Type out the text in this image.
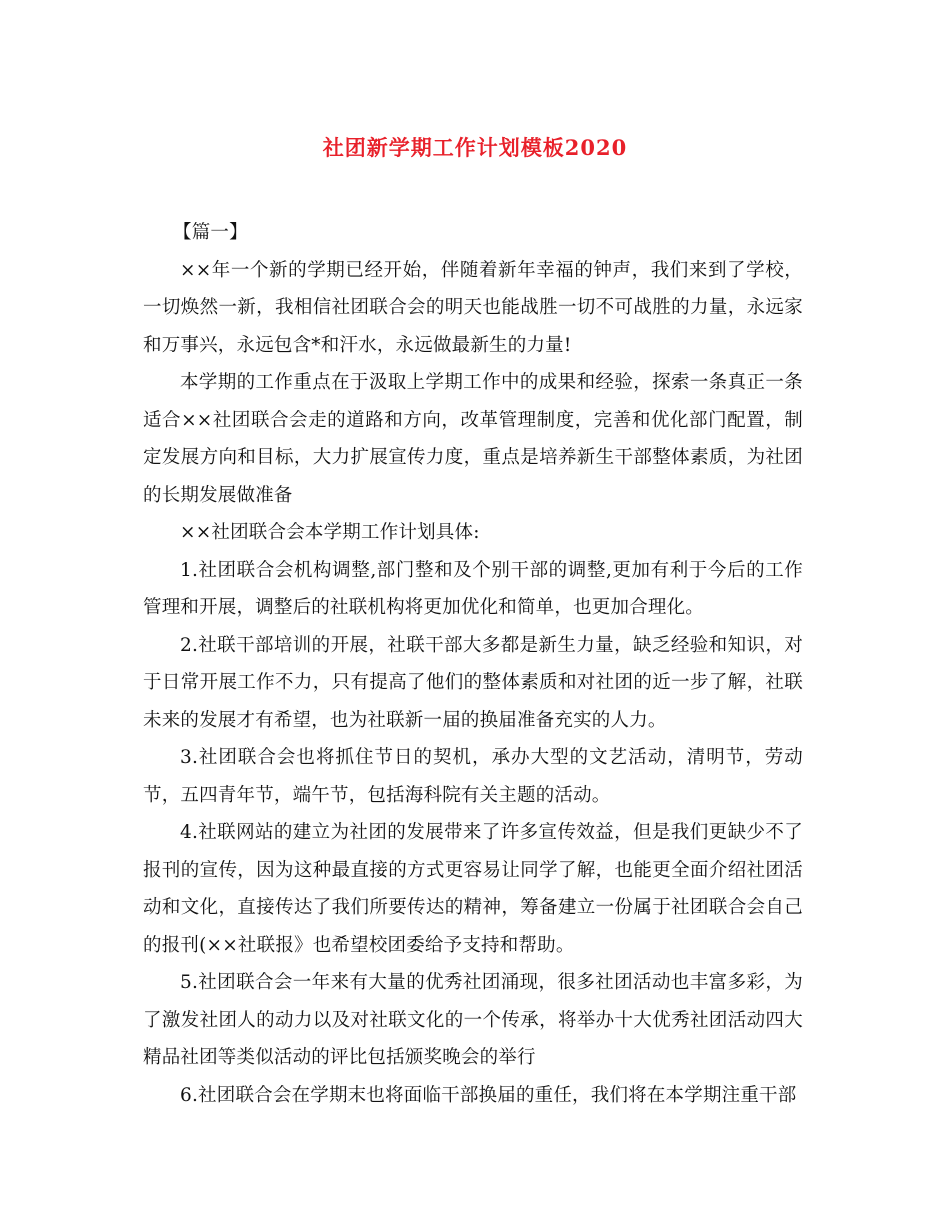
社团新学期工作计划模板2020

【篇一】

××年一个新的学期已经开始，伴随着新年幸福的钟声，我们来到了学校，一切焕然一新，我相信社团联合会的明天也能战胜一切不可战胜的力量，永远家和万事兴，永远包含*和汗水，永远做最新生的力量!

本学期的工作重点在于汲取上学期工作中的成果和经验，探索一条真正一条适合××社团联合会走的道路和方向，改革管理制度，完善和优化部门配置，制定发展方向和目标，大力扩展宣传力度，重点是培养新生干部整体素质，为社团的长期发展做准备

××社团联合会本学期工作计划具体:

1.社团联合会机构调整,部门整和及个别干部的调整,更加有利于今后的工作管理和开展，调整后的社联机构将更加优化和简单，也更加合理化。

2.社联干部培训的开展，社联干部大多都是新生力量，缺乏经验和知识，对于日常开展工作不力，只有提高了他们的整体素质和对社团的近一步了解，社联未来的发展才有希望，也为社联新一届的换届准备充实的人力。

3.社团联合会也将抓住节日的契机，承办大型的文艺活动，清明节，劳动节，五四青年节，端午节，包括海科院有关主题的活动。

4.社联网站的建立为社团的发展带来了许多宣传效益，但是我们更缺少不了报刊的宣传，因为这种最直接的方式更容易让同学了解，也能更全面介绍社团活动和文化，直接传达了我们所要传达的精神，筹备建立一份属于社团联合会自己的报刊(××社联报》也希望校团委给予支持和帮助。

5.社团联合会一年来有大量的优秀社团涌现，很多社团活动也丰富多彩，为了激发社团人的动力以及对社联文化的一个传承，将举办十大优秀社团活动四大精品社团等类似活动的评比包括颁奖晚会的举行

6.社团联合会在学期末也将面临干部换届的重任，我们将在本学期注重干部
